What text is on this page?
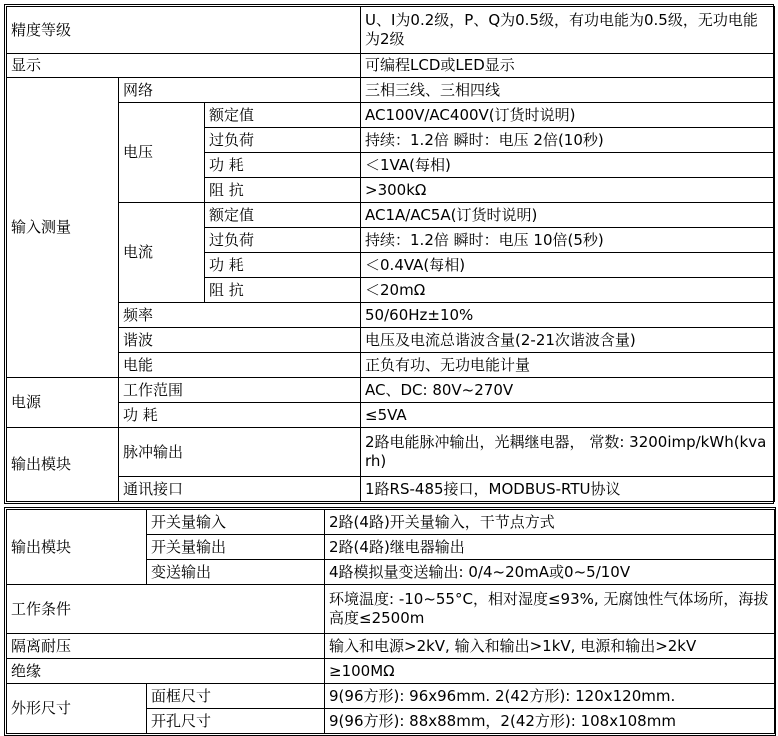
精度等级			U、I为0.2级，P、Q为0.5级，有功电能为0.5级，无功电能为2级
显示			可编程LCD或LED显示
输入测量	网络		三相三线、三相四线
	电压	额定值	AC100V/AC400V(订货时说明)
		过负荷	持续：1.2倍 瞬时：电压 2倍(10秒)
		功 耗	＜1VA(每相)
		阻 抗	>300kΩ
	电流	额定值	AC1A/AC5A(订货时说明)
		过负荷	持续：1.2倍 瞬时：电压 10倍(5秒)
		功 耗	＜0.4VA(每相)
		阻 抗	＜20mΩ
	频率		50/60Hz±10%
	谐波		电压及电流总谐波含量(2-21次谐波含量)
	电能		正负有功、无功电能计量
电源	工作范围		AC、DC: 80V~270V
	功 耗		≤5VA
输出模块	脉冲输出		2路电能脉冲输出，光耦继电器， 常数: 3200imp/kWh(kvarh)
	通讯接口		1路RS-485接口，MODBUS-RTU协议
输出模块	开关量输入	2路(4路)开关量输入，干节点方式
	开关量输出	2路(4路)继电器输出
	变送输出	4路模拟量变送输出: 0/4~20mA或0~5/10V
工作条件		环境温度: -10~55°C，相对湿度≤93%, 无腐蚀性气体场所，海拔高度≤2500m
隔离耐压		输入和电源>2kV, 输入和输出>1kV, 电源和输出>2kV
绝缘		≥100MΩ
外形尺寸	面框尺寸	9(96方形): 96x96mm. 2(42方形): 120x120mm.
	开孔尺寸	9(96方形): 88x88mm，2(42方形): 108x108mm
